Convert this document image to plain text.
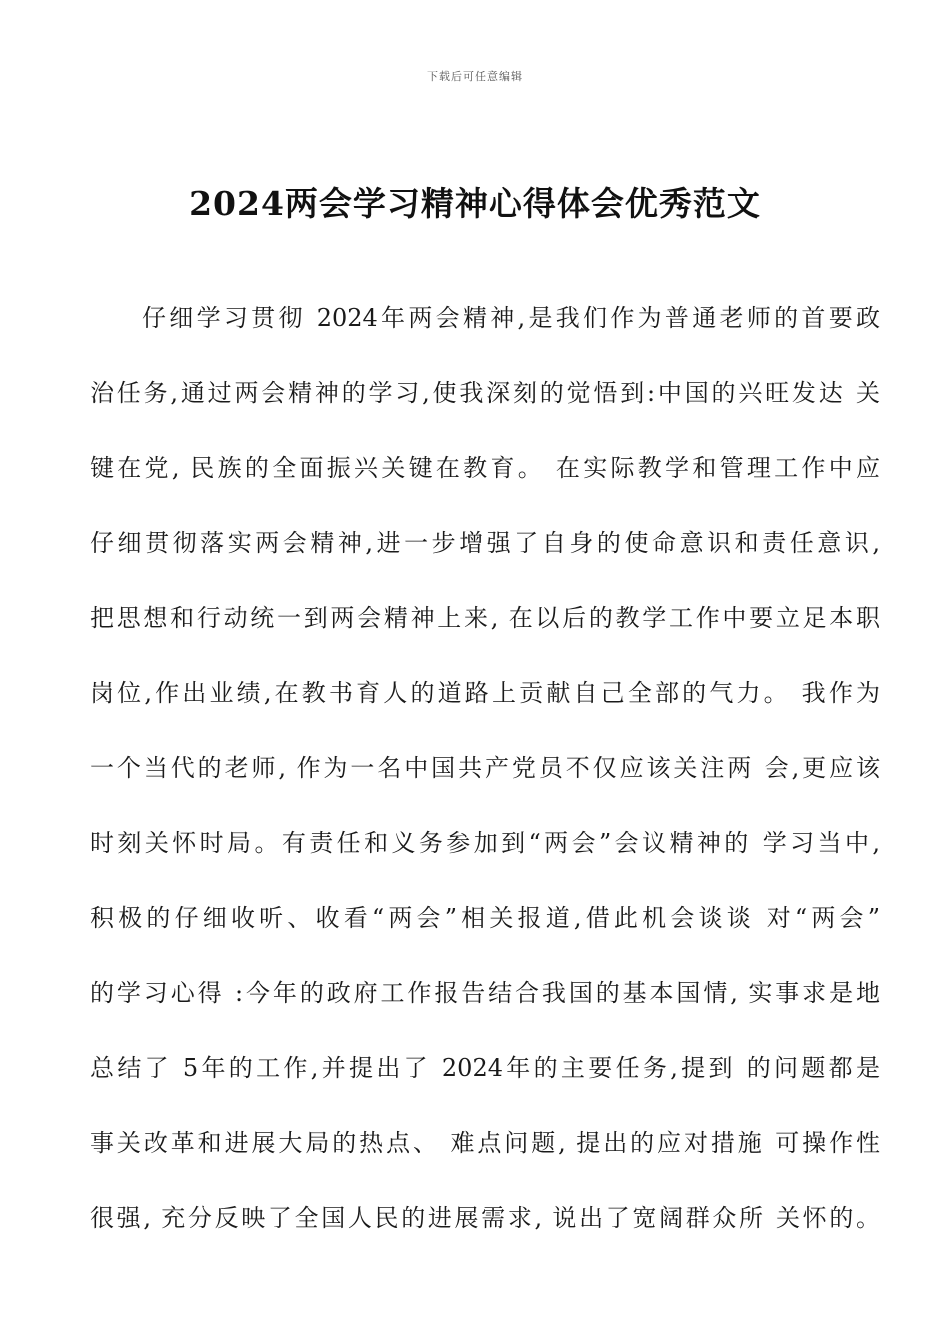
下载后可任意编辑
2024两会学习精神心得体会优秀范文
仔细学习贯彻 2024年两会精神,是我们作为普通老师的首要政
治任务,通过两会精神的学习,使我深刻的觉悟到:中国的兴旺发达 关
键在党, 民族的全面振兴关键在教育。 在实际教学和管理工作中应
仔细贯彻落实两会精神,进一步增强了自身的使命意识和责任意识,
把思想和行动统一到两会精神上来, 在以后的教学工作中要立足本职
岗位,作出业绩,在教书育人的道路上贡献自己全部的气力。 我作为
一个当代的老师, 作为一名中国共产党员不仅应该关注两 会,更应该
时刻关怀时局。有责任和义务参加到“两会”会议精神的 学习当中,
积极的仔细收听、收看“两会”相关报道,借此机会谈谈 对“两会”
的学习心得 :今年的政府工作报告结合我国的基本国情, 实事求是地
总结了 5年的工作,并提出了 2024年的主要任务,提到 的问题都是
事关改革和进展大局的热点、 难点问题, 提出的应对措施 可操作性
很强, 充分反映了全国人民的进展需求, 说出了宽阔群众所 关怀的。
